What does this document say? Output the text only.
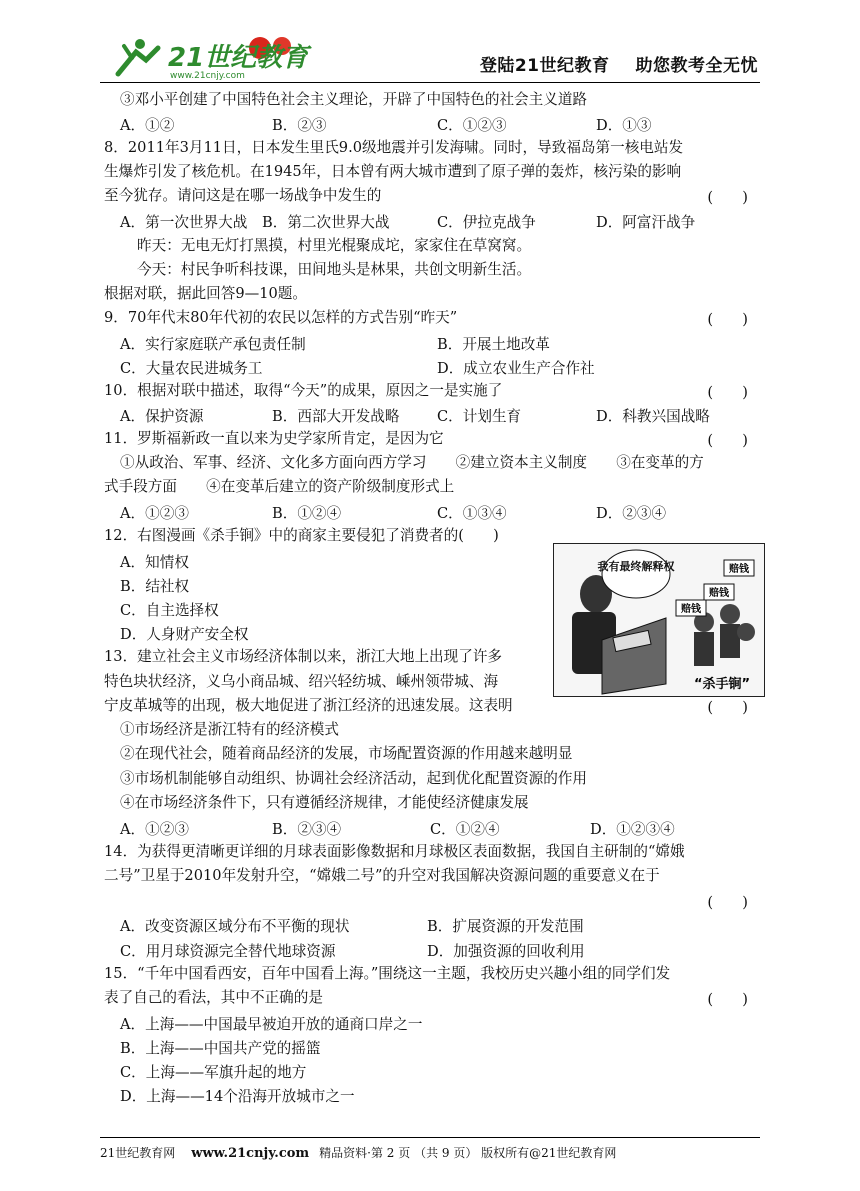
21世纪教育
www.21cnjy.com	登陆21世纪教育 助您教考全无忧
③邓小平创建了中国特色社会主义理论，开辟了中国特色的社会主义道路
A．①②	B．②③	C．①②③	D．①③
8．2011年3月11日，日本发生里氏9.0级地震并引发海啸。同时，导致福岛第一核电站发
生爆炸引发了核危机。在1945年，日本曾有两大城市遭到了原子弹的轰炸，核污染的影响
至今犹存。请问这是在哪一场战争中发生的	(　　)
A．第一次世界大战 B．第二次世界大战	C．伊拉克战争	D．阿富汗战争
昨天：无电无灯打黑摸，村里光棍聚成坨，家家住在草窝窝。
今天：村民争听科技课，田间地头是林果，共创文明新生活。
根据对联，据此回答9—10题。
9．70年代末80年代初的农民以怎样的方式告别“昨天”	(　　)
A．实行家庭联产承包责任制	B．开展土地改革
C．大量农民进城务工	D．成立农业生产合作社
10．根据对联中描述，取得“今天”的成果，原因之一是实施了	(　　)
A．保护资源	B．西部大开发战略	C．计划生育	D．科教兴国战略
11．罗斯福新政一直以来为史学家所肯定，是因为它	(　　)
①从政治、军事、经济、文化多方面向西方学习　　②建立资本主义制度　　③在变革的方
式手段方面　　④在变革后建立的资产阶级制度形式上
A．①②③	B．①②④	C．①③④	D．②③④
12．右图漫画《杀手锏》中的商家主要侵犯了消费者的(　　)
A．知情权
B．结社权
C．自主选择权
D．人身财产安全权
我有最终解释权	赔钱
赔钱
赔钱
“杀手锏”
13．建立社会主义市场经济体制以来，浙江大地上出现了许多
特色块状经济，义乌小商品城、绍兴轻纺城、嵊州领带城、海
宁皮革城等的出现，极大地促进了浙江经济的迅速发展。这表明	(　　)
①市场经济是浙江特有的经济模式
②在现代社会，随着商品经济的发展，市场配置资源的作用越来越明显
③市场机制能够自动组织、协调社会经济活动，起到优化配置资源的作用
④在市场经济条件下，只有遵循经济规律，才能使经济健康发展
A．①②③	B．②③④	C．①②④	D．①②③④
14．为获得更清晰更详细的月球表面影像数据和月球极区表面数据，我国自主研制的“嫦娥
二号”卫星于2010年发射升空，“嫦娥二号”的升空对我国解决资源问题的重要意义在于
(　　)
A．改变资源区域分布不平衡的现状	B．扩展资源的开发范围
C．用月球资源完全替代地球资源	D．加强资源的回收利用
15．“千年中国看西安，百年中国看上海。”围绕这一主题，我校历史兴趣小组的同学们发
表了自己的看法，其中不正确的是	(　　)
A．上海——中国最早被迫开放的通商口岸之一
B．上海——中国共产党的摇篮
C．上海——军旗升起的地方
D．上海——14个沿海开放城市之一
21世纪教育网 www.21cnjy.com 精品资料·第 2 页 （共 9 页） 版权所有@21世纪教育网
